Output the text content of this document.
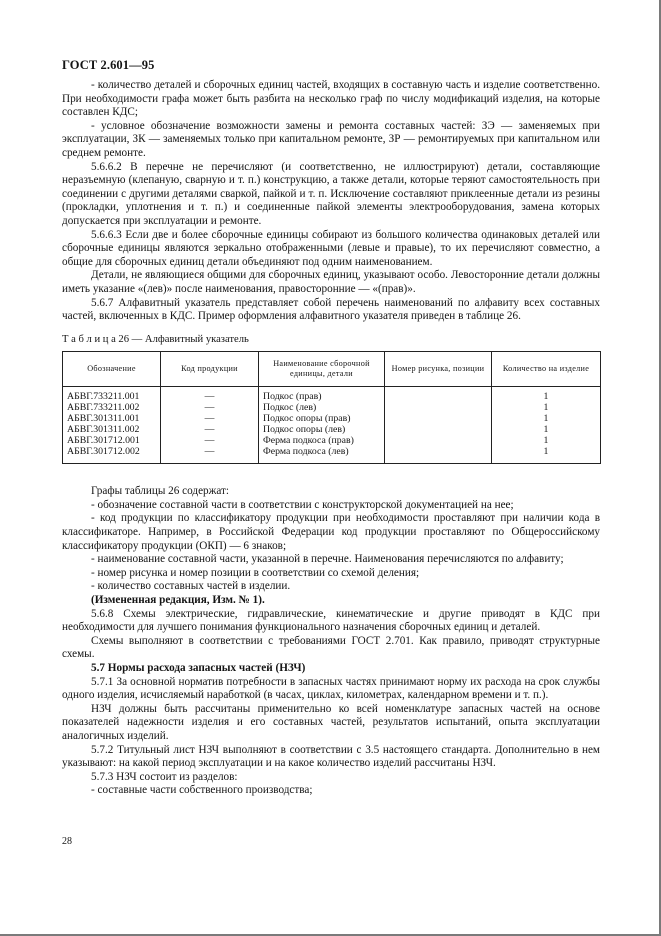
ГОСТ 2.601—95

- количество деталей и сборочных единиц частей, входящих в составную часть и изделие соответственно. При необходимости графа может быть разбита на несколько граф по числу модификаций изделия, на которые составлен КДС;

- условное обозначение возможности замены и ремонта составных частей: ЗЭ — заменяемых при эксплуатации, ЗК — заменяемых только при капитальном ремонте, ЗР — ремонтируемых при капитальном или среднем ремонте.

5.6.6.2 В перечне не перечисляют (и соответственно, не иллюстрируют) детали, составляющие неразъемную (клепаную, сварную и т. п.) конструкцию, а также детали, которые теряют самостоятельность при соединении с другими деталями сваркой, пайкой и т. п. Исключение составляют приклеенные детали из резины (прокладки, уплотнения и т. п.) и соединенные пайкой элементы электрооборудования, замена которых допускается при эксплуатации и ремонте.

5.6.6.3 Если две и более сборочные единицы собирают из большого количества одинаковых деталей или сборочные единицы являются зеркально отображенными (левые и правые), то их перечисляют совместно, а общие для сборочных единиц детали объединяют под одним наименованием.

Детали, не являющиеся общими для сборочных единиц, указывают особо. Левосторонние детали должны иметь указание «(лев)» после наименования, правосторонние — «(прав)».

5.6.7 Алфавитный указатель представляет собой перечень наименований по алфавиту всех составных частей, включенных в КДС. Пример оформления алфавитного указателя приведен в таблице 26.

Т а б л и ц а 26 — Алфавитный указатель

Обозначение	Код продукции	Наименование сборочной единицы, детали	Номер рисунка, позиции	Количество на изделие
АБВГ.733211.001	—	Подкос (прав)		1
АБВГ.733211.002	—	Подкос (лев)		1
АБВГ.301311.001	—	Подкос опоры (прав)		1
АБВГ.301311.002	—	Подкос опоры (лев)		1
АБВГ.301712.001	—	Ферма подкоса (прав)		1
АБВГ.301712.002	—	Ферма подкоса (лев)		1

Графы таблицы 26 содержат:

- обозначение составной части в соответствии с конструкторской документацией на нее;

- код продукции по классификатору продукции при необходимости проставляют при наличии кода в классификаторе. Например, в Российской Федерации код продукции проставляют по Общероссийскому классификатору продукции (ОКП) — 6 знаков;

- наименование составной части, указанной в перечне. Наименования перечисляются по алфавиту;

- номер рисунка и номер позиции в соответствии со схемой деления;

- количество составных частей в изделии.

(Измененная редакция, Изм. № 1).

5.6.8 Схемы электрические, гидравлические, кинематические и другие приводят в КДС при необходимости для лучшего понимания функционального назначения сборочных единиц и деталей.

Схемы выполняют в соответствии с требованиями ГОСТ 2.701. Как правило, приводят структурные схемы.

5.7 Нормы расхода запасных частей (НЗЧ)

5.7.1 За основной норматив потребности в запасных частях принимают норму их расхода на срок службы одного изделия, исчисляемый наработкой (в часах, циклах, километрах, календарном времени и т. п.).

НЗЧ должны быть рассчитаны применительно ко всей номенклатуре запасных частей на основе показателей надежности изделия и его составных частей, результатов испытаний, опыта эксплуатации аналогичных изделий.

5.7.2 Титульный лист НЗЧ выполняют в соответствии с 3.5 настоящего стандарта. Дополнительно в нем указывают: на какой период эксплуатации и на какое количество изделий рассчитаны НЗЧ.

5.7.3 НЗЧ состоит из разделов:

- составные части собственного производства;

28
